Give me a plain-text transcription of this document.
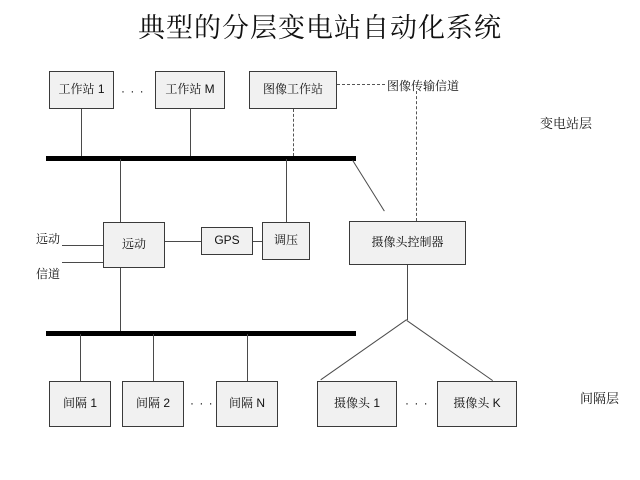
典型的分层变电站自动化系统
工作站 1	· · ·	工作站 M	图像工作站	图像传输信道
变电站层
远动	GPS	调压	摄像头控制器
远动
信道
间隔 1	间隔 2	· · ·	间隔 N	摄像头 1	· · ·	摄像头 K	间隔层
